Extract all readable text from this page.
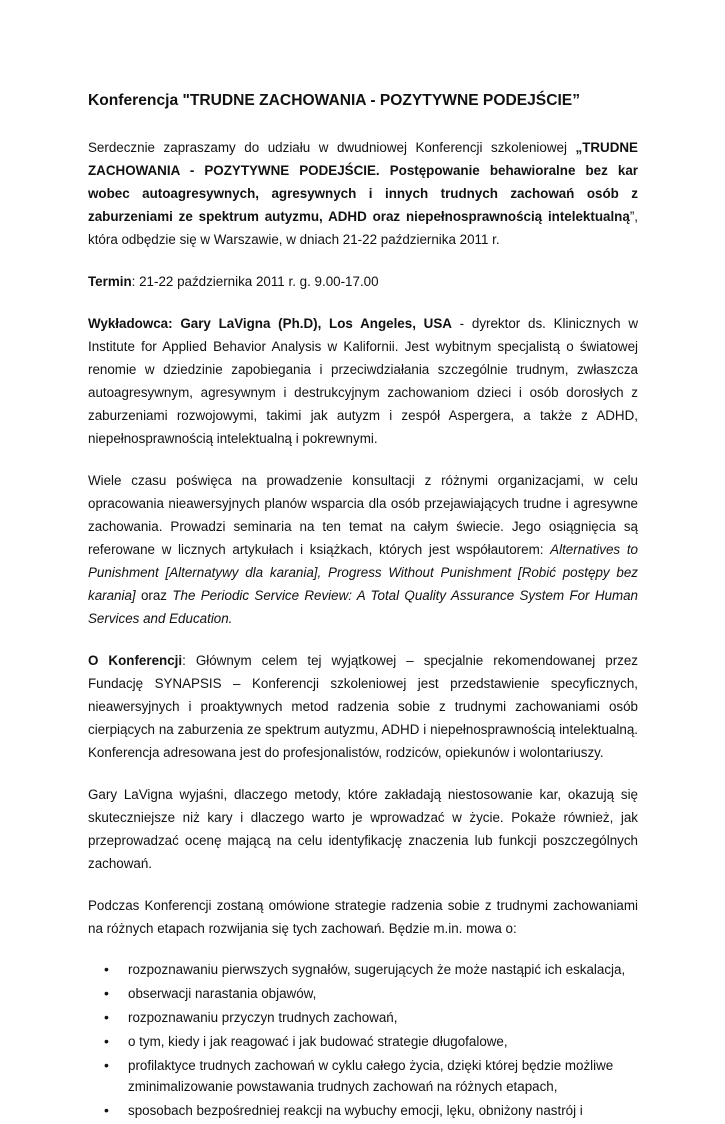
Konferencja "TRUDNE ZACHOWANIA - POZYTYWNE PODEJŚCIE”

Serdecznie zapraszamy do udziału w dwudniowej Konferencji szkoleniowej „TRUDNE ZACHOWANIA - POZYTYWNE PODEJŚCIE. Postępowanie behawioralne bez kar wobec autoagresywnych, agresywnych i innych trudnych zachowań osób z zaburzeniami ze spektrum autyzmu, ADHD oraz niepełnosprawnością intelektualną”, która odbędzie się w Warszawie, w dniach 21-22 października 2011 r.

Termin: 21-22 października 2011 r. g. 9.00-17.00

Wykładowca: Gary LaVigna (Ph.D), Los Angeles, USA - dyrektor ds. Klinicznych w Institute for Applied Behavior Analysis w Kalifornii. Jest wybitnym specjalistą o światowej renomie w dziedzinie zapobiegania i przeciwdziałania szczególnie trudnym, zwłaszcza autoagresywnym, agresywnym i destrukcyjnym zachowaniom dzieci i osób dorosłych z zaburzeniami rozwojowymi, takimi jak autyzm i zespół Aspergera, a także z ADHD, niepełnosprawnością intelektualną i pokrewnymi.

Wiele czasu poświęca na prowadzenie konsultacji z różnymi organizacjami, w celu opracowania nieawersyjnych planów wsparcia dla osób przejawiających trudne i agresywne zachowania. Prowadzi seminaria na ten temat na całym świecie. Jego osiągnięcia są referowane w licznych artykułach i książkach, których jest współautorem: Alternatives to Punishment [Alternatywy dla karania], Progress Without Punishment [Robić postępy bez karania] oraz The Periodic Service Review: A Total Quality Assurance System For Human Services and Education.

O Konferencji: Głównym celem tej wyjątkowej – specjalnie rekomendowanej przez Fundację SYNAPSIS – Konferencji szkoleniowej jest przedstawienie specyficznych, nieawersyjnych i proaktywnych metod radzenia sobie z trudnymi zachowaniami osób cierpiących na zaburzenia ze spektrum autyzmu, ADHD i niepełnosprawnością intelektualną. Konferencja adresowana jest do profesjonalistów, rodziców, opiekunów i wolontariuszy.

Gary LaVigna wyjaśni, dlaczego metody, które zakładają niestosowanie kar, okazują się skuteczniejsze niż kary i dlaczego warto je wprowadzać w życie. Pokaże również, jak przeprowadzać ocenę mającą na celu identyfikację znaczenia lub funkcji poszczególnych zachowań.

Podczas Konferencji zostaną omówione strategie radzenia sobie z trudnymi zachowaniami na różnych etapach rozwijania się tych zachowań. Będzie m.in. mowa o:

• rozpoznawaniu pierwszych sygnałów, sugerujących że może nastąpić ich eskalacja,
• obserwacji narastania objawów,
• rozpoznawaniu przyczyn trudnych zachowań,
• o tym, kiedy i jak reagować i jak budować strategie długofalowe,
• profilaktyce trudnych zachowań w cyklu całego życia, dzięki której będzie możliwe zminimalizowanie powstawania trudnych zachowań na różnych etapach,
• sposobach bezpośredniej reakcji na wybuchy emocji, lęku, obniżony nastrój i
